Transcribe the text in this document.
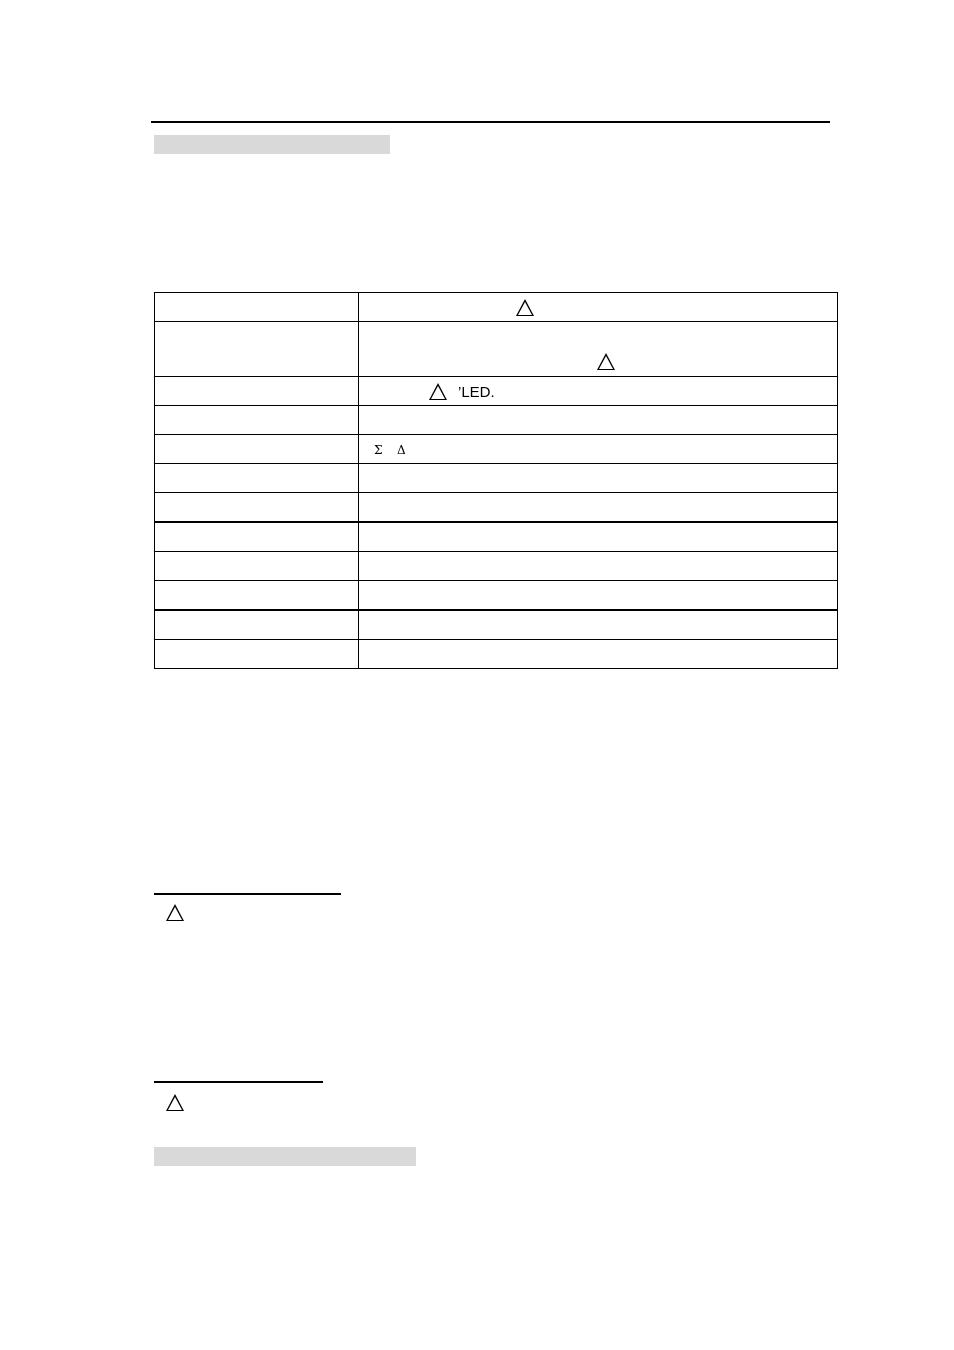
	’LED.

	Σ Δ
